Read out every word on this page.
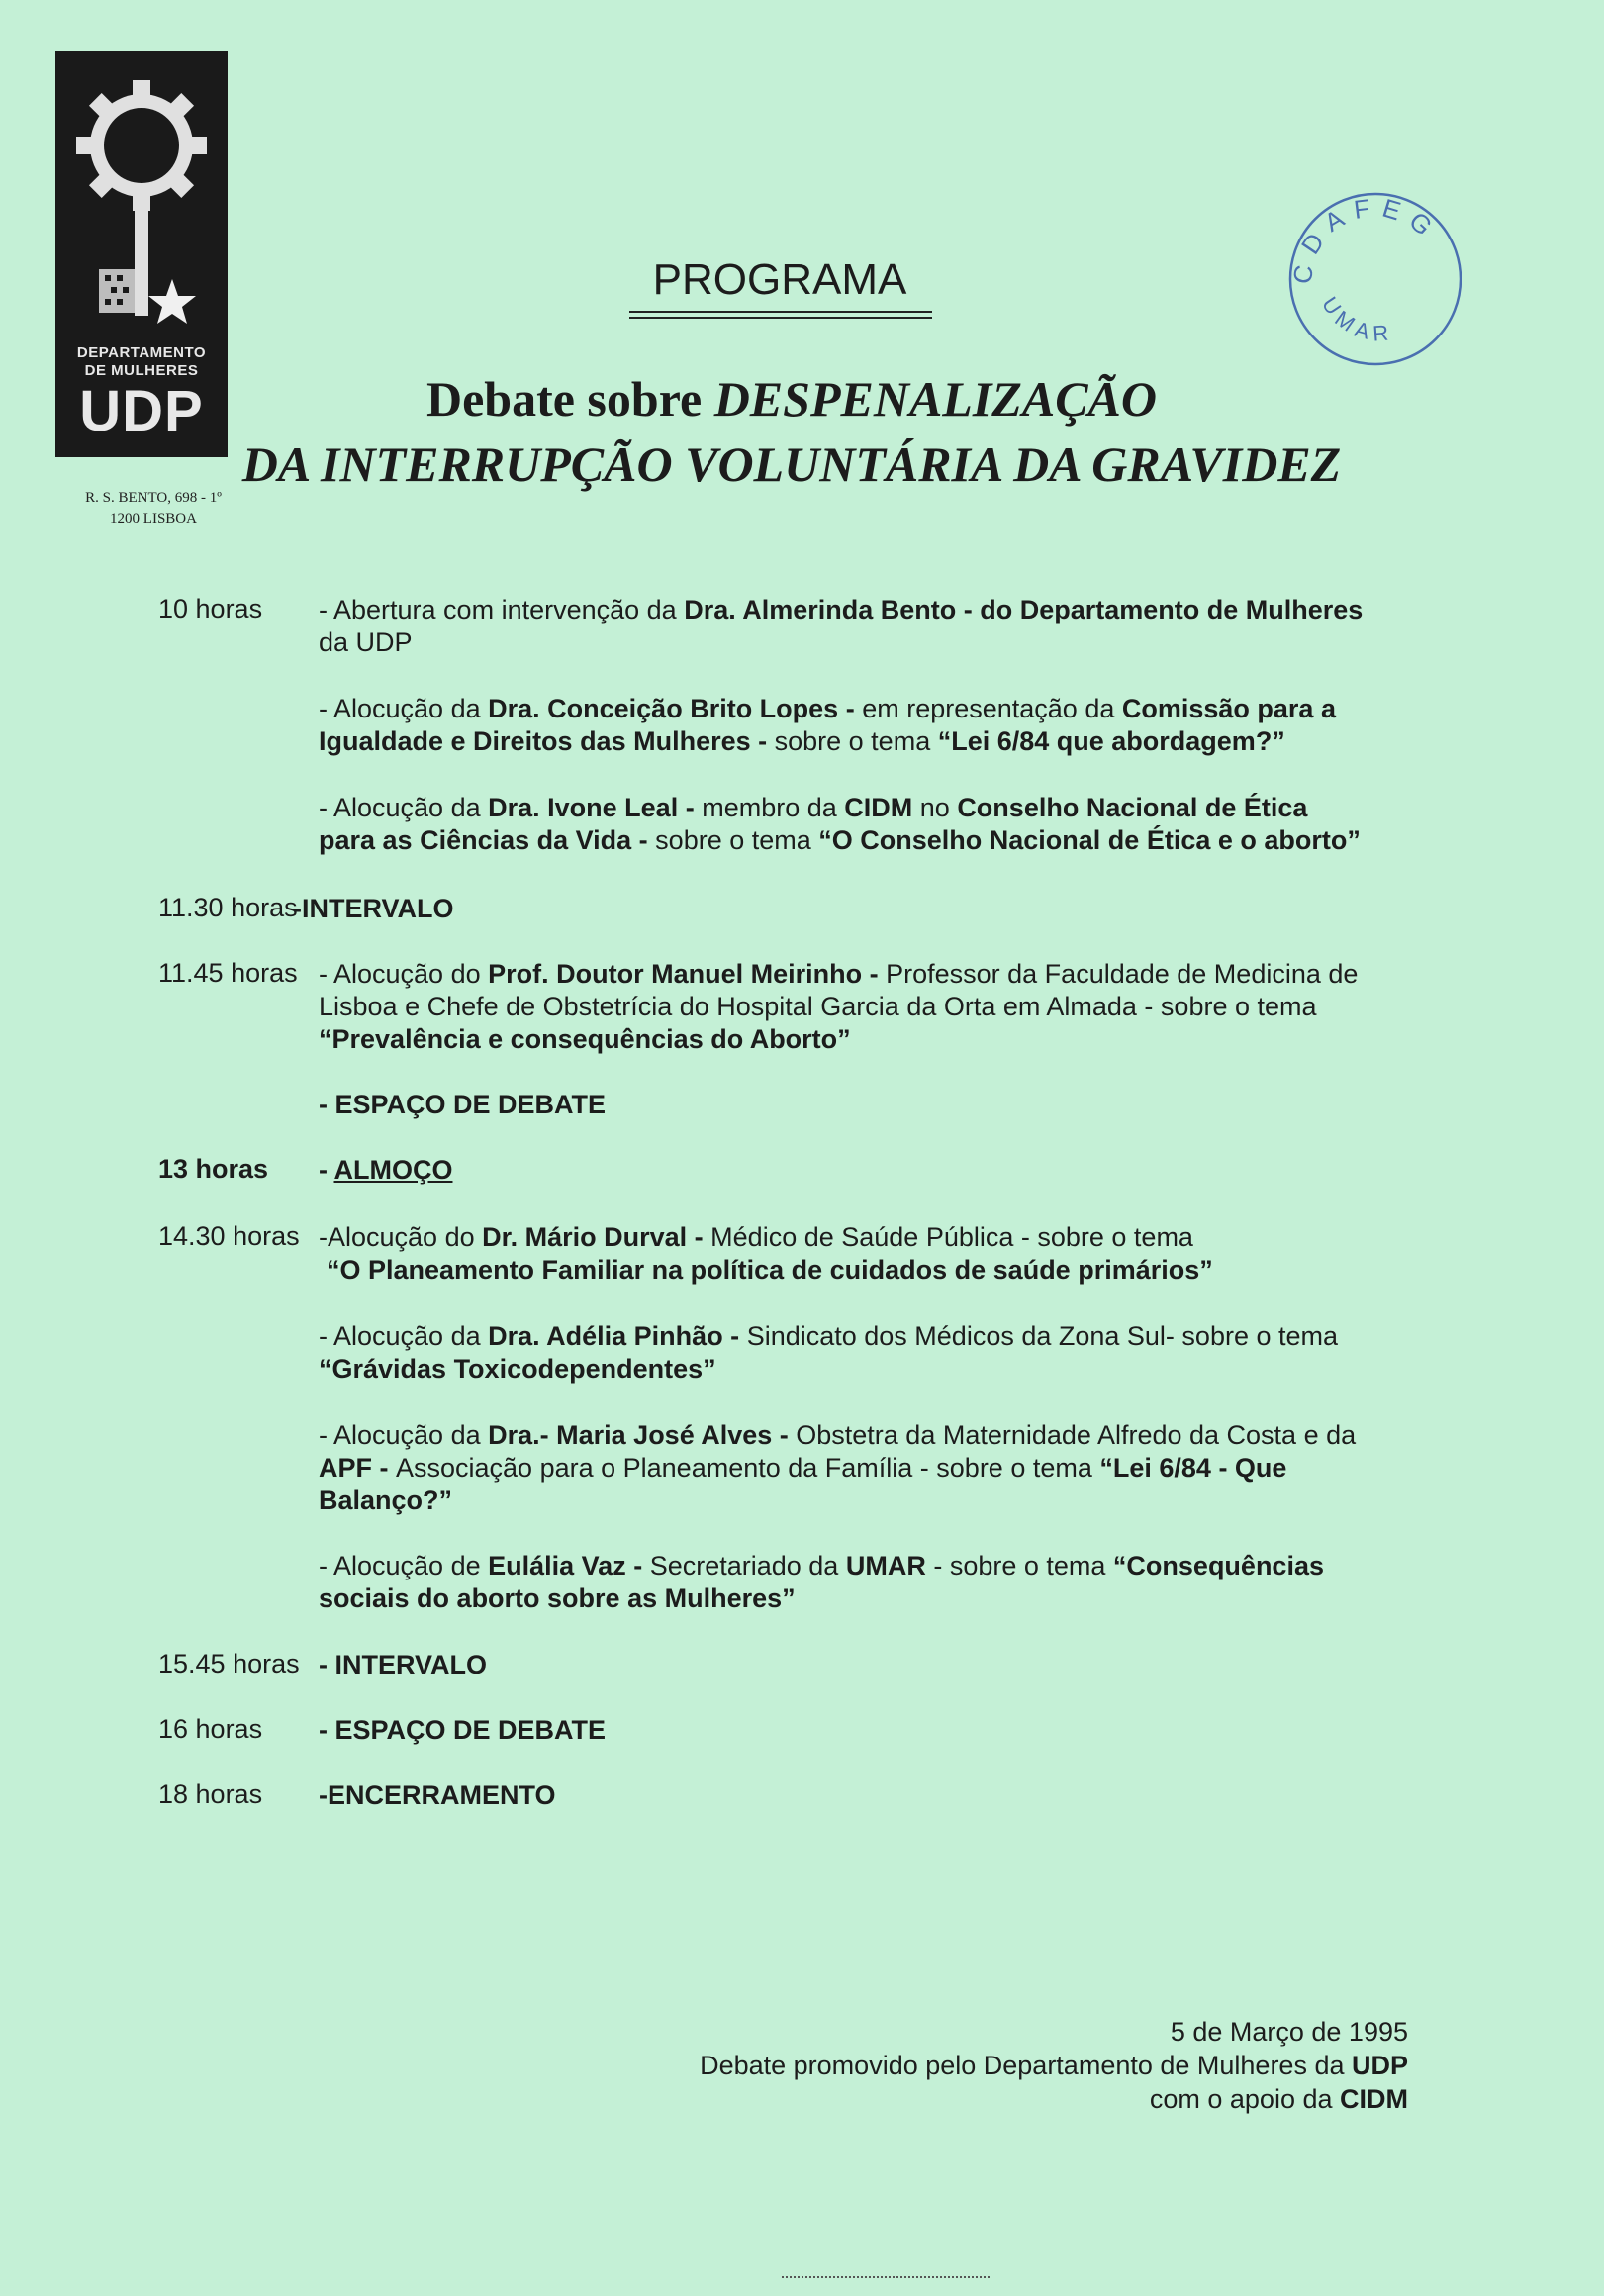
DEPARTAMENTO
DE MULHERES
UDP
R. S. BENTO, 698 - 1º
1200 LISBOA
CDAFEG
UMAR
PROGRAMA
Debate sobre DESPENALIZAÇÃO
DA INTERRUPÇÃO VOLUNTÁRIA DA GRAVIDEZ
10 horas - Abertura com intervenção da Dra. Almerinda Bento - do Departamento de Mulheres
da UDP
- Alocução da Dra. Conceição Brito Lopes - em representação da Comissão para a
Igualdade e Direitos das Mulheres - sobre o tema “Lei 6/84 que abordagem?”
- Alocução da Dra. Ivone Leal - membro da CIDM no Conselho Nacional de Ética
para as Ciências da Vida - sobre o tema “O Conselho Nacional de Ética e o aborto”
11.30 horas
-INTERVALO
11.45 horas - Alocução do Prof. Doutor Manuel Meirinho - Professor da Faculdade de Medicina de
Lisboa e Chefe de Obstetrícia do Hospital Garcia da Orta em Almada - sobre o tema
“Prevalência e consequências do Aborto”
- ESPAÇO DE DEBATE
13 horas - ALMOÇO
14.30 horas -Alocução do Dr. Mário Durval - Médico de Saúde Pública - sobre o tema
“O Planeamento Familiar na política de cuidados de saúde primários”
- Alocução da Dra. Adélia Pinhão - Sindicato dos Médicos da Zona Sul- sobre o tema
“Grávidas Toxicodependentes”
- Alocução da Dra.- Maria José Alves - Obstetra da Maternidade Alfredo da Costa e da
APF - Associação para o Planeamento da Família - sobre o tema “Lei 6/84 - Que
Balanço?”
- Alocução de Eulália Vaz - Secretariado da UMAR - sobre o tema “Consequências
sociais do aborto sobre as Mulheres”
15.45 horas - INTERVALO
16 horas - ESPAÇO DE DEBATE
18 horas -ENCERRAMENTO
5 de Março de 1995
Debate promovido pelo Departamento de Mulheres da UDP
com o apoio da CIDM
